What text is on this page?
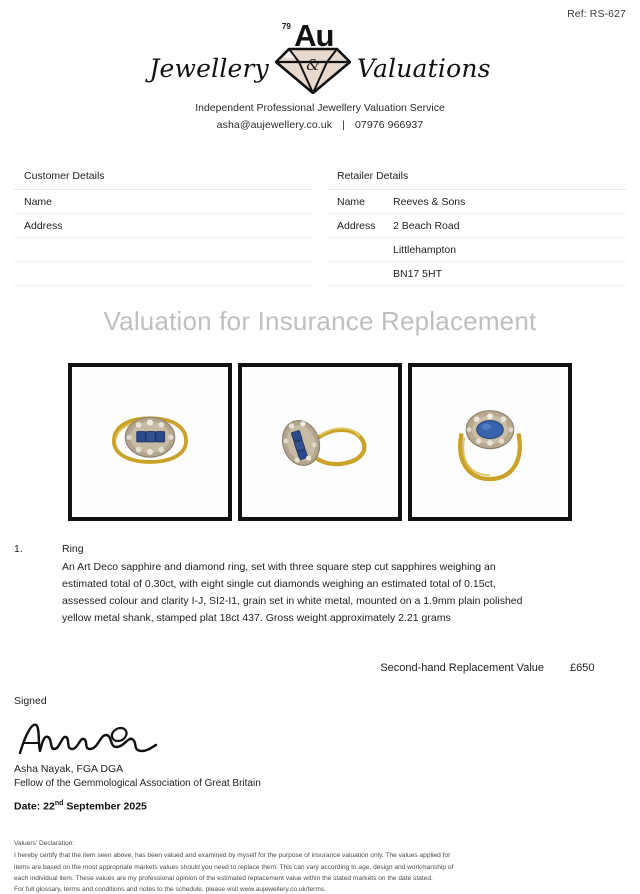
Ref: RS-627
Jewellery
79 Au
& Valuations
Independent Professional Jewellery Valuation Service
asha@aujewellery.co.uk | 07976 966937
Customer Details
Name
Address
Retailer Details
Name	Reeves & Sons
Address	2 Beach Road
Littlehampton
BN17 5HT
Valuation for Insurance Replacement
1.	Ring
An Art Deco sapphire and diamond ring, set with three square step cut sapphires weighing an estimated total of 0.30ct, with eight single cut diamonds weighing an estimated total of 0.15ct, assessed colour and clarity I-J, SI2-I1, grain set in white metal, mounted on a 1.9mm plain polished yellow metal shank, stamped plat 18ct 437. Gross weight approximately 2.21 grams
Second-hand Replacement Value £650
Signed
Asha Nayak, FGA DGA
Fellow of the Gemmological Association of Great Britain
Date: 22nd September 2025
Valuers' Declaration:
I hereby certify that the item seen above, has been valued and examined by myself for the purpose of insurance valuation only. The values applied for
items are based on the most appropriate markets values should you need to replace them. This can vary according to age, design and workmanship of
each individual item. These values are my professional opinion of the estimated replacement value within the stated markets on the date stated.
For full glossary, terms and conditions and notes to the schedule, please visit www.aujewellery.co.uk/terms.
